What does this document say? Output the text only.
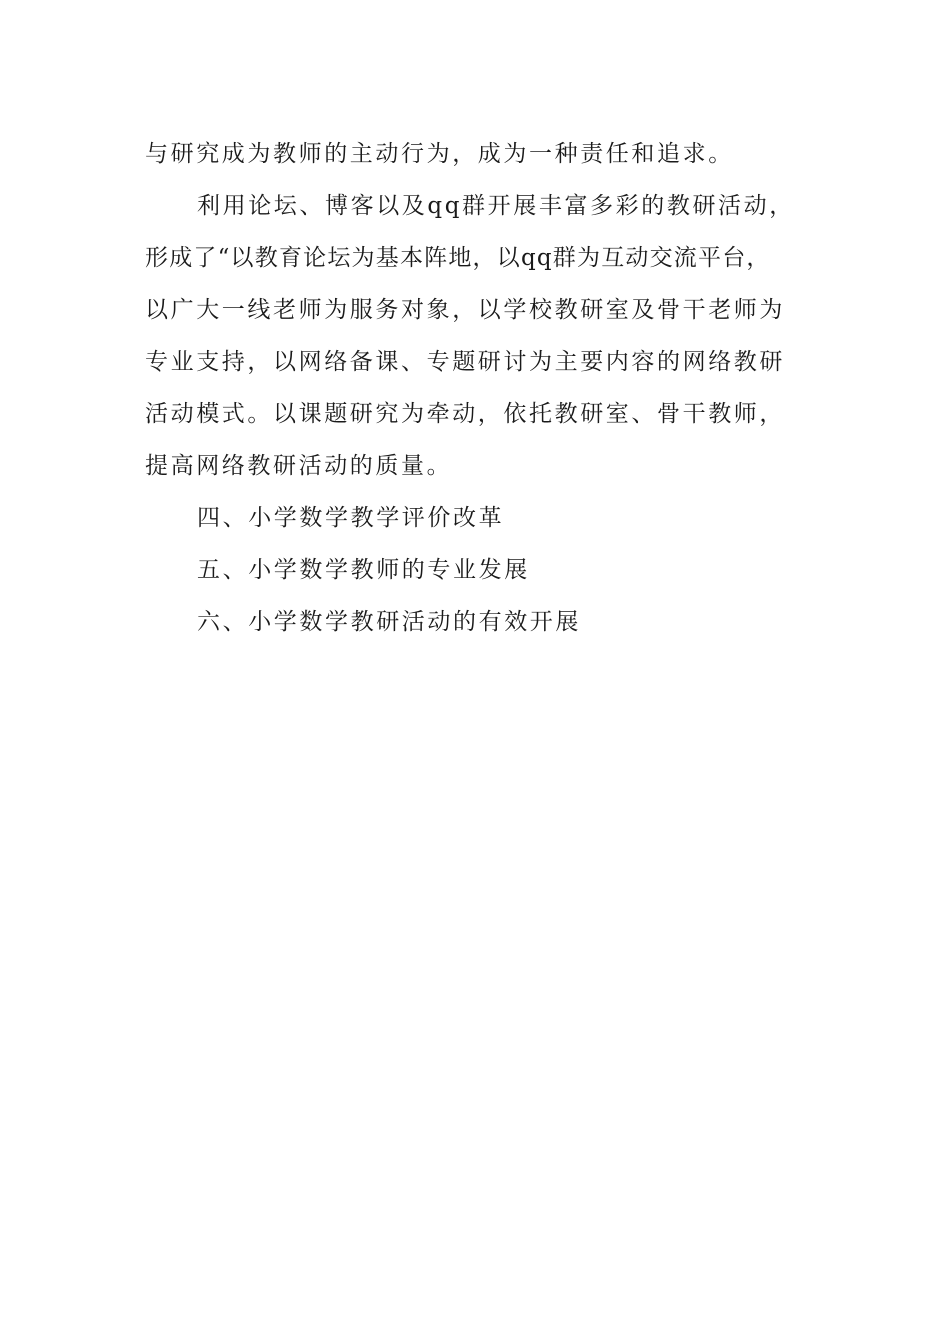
与研究成为教师的主动行为，成为一种责任和追求。
利用论坛、博客以及qq群开展丰富多彩的教研活动，
形成了“以教育论坛为基本阵地，以qq群为互动交流平台，
以广大一线老师为服务对象，以学校教研室及骨干老师为
专业支持，以网络备课、专题研讨为主要内容的网络教研
活动模式。以课题研究为牵动，依托教研室、骨干教师，
提高网络教研活动的质量。
四、小学数学教学评价改革
五、小学数学教师的专业发展
六、小学数学教研活动的有效开展
